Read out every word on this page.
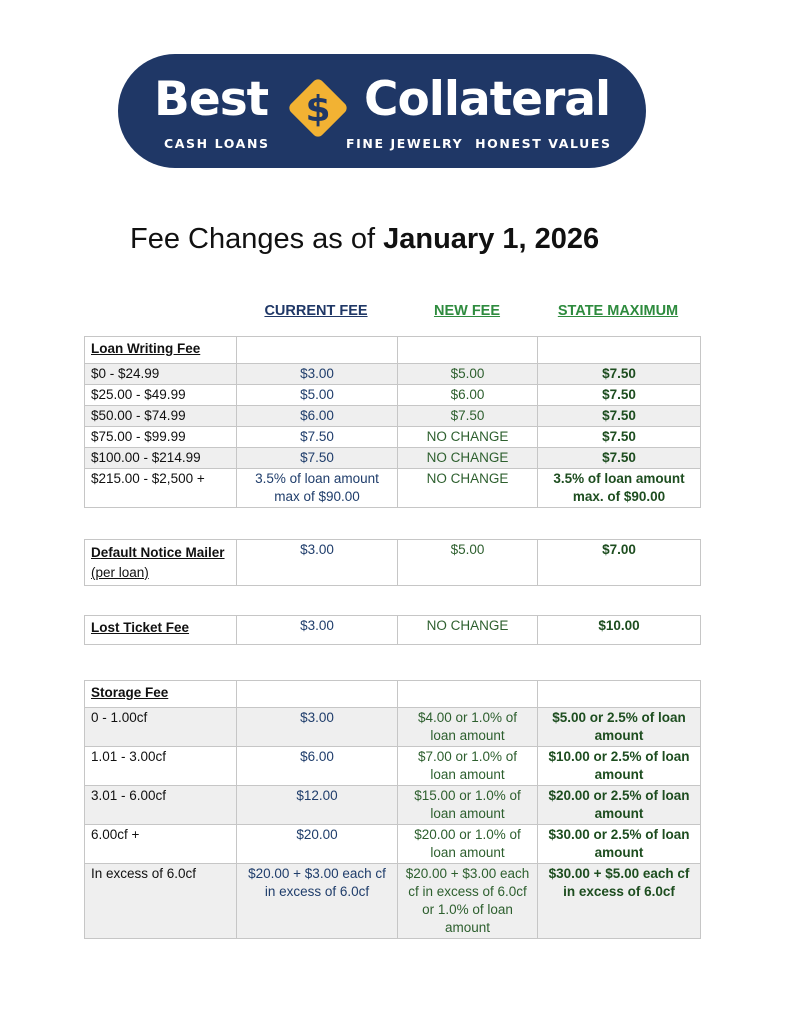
Best $ Collateral
CASH LOANS	FINE JEWELRY  HONEST VALUES
Fee Changes as of January 1, 2026
CURRENT FEE	NEW FEE	STATE MAXIMUM
Loan Writing Fee			
$0 - $24.99	$3.00	$5.00	$7.50
$25.00 - $49.99	$5.00	$6.00	$7.50
$50.00 - $74.99	$6.00	$7.50	$7.50
$75.00 - $99.99	$7.50	NO CHANGE	$7.50
$100.00 - $214.99	$7.50	NO CHANGE	$7.50
$215.00 - $2,500 +	3.5% of loan amount max of $90.00	NO CHANGE	3.5% of loan amount max. of $90.00
Default Notice Mailer (per loan)	$3.00	$5.00	$7.00
Lost Ticket Fee	$3.00	NO CHANGE	$10.00
Storage Fee			
0 - 1.00cf	$3.00	$4.00 or 1.0% of loan amount	$5.00 or 2.5% of loan amount
1.01 - 3.00cf	$6.00	$7.00 or 1.0% of loan amount	$10.00 or 2.5% of loan amount
3.01 - 6.00cf	$12.00	$15.00 or 1.0% of loan amount	$20.00 or 2.5% of loan amount
6.00cf +	$20.00	$20.00 or 1.0% of loan amount	$30.00 or 2.5% of loan amount
In excess of 6.0cf	$20.00 + $3.00 each cf in excess of 6.0cf	$20.00 + $3.00 each cf in excess of 6.0cf or 1.0% of loan amount	$30.00 + $5.00 each cf in excess of 6.0cf
